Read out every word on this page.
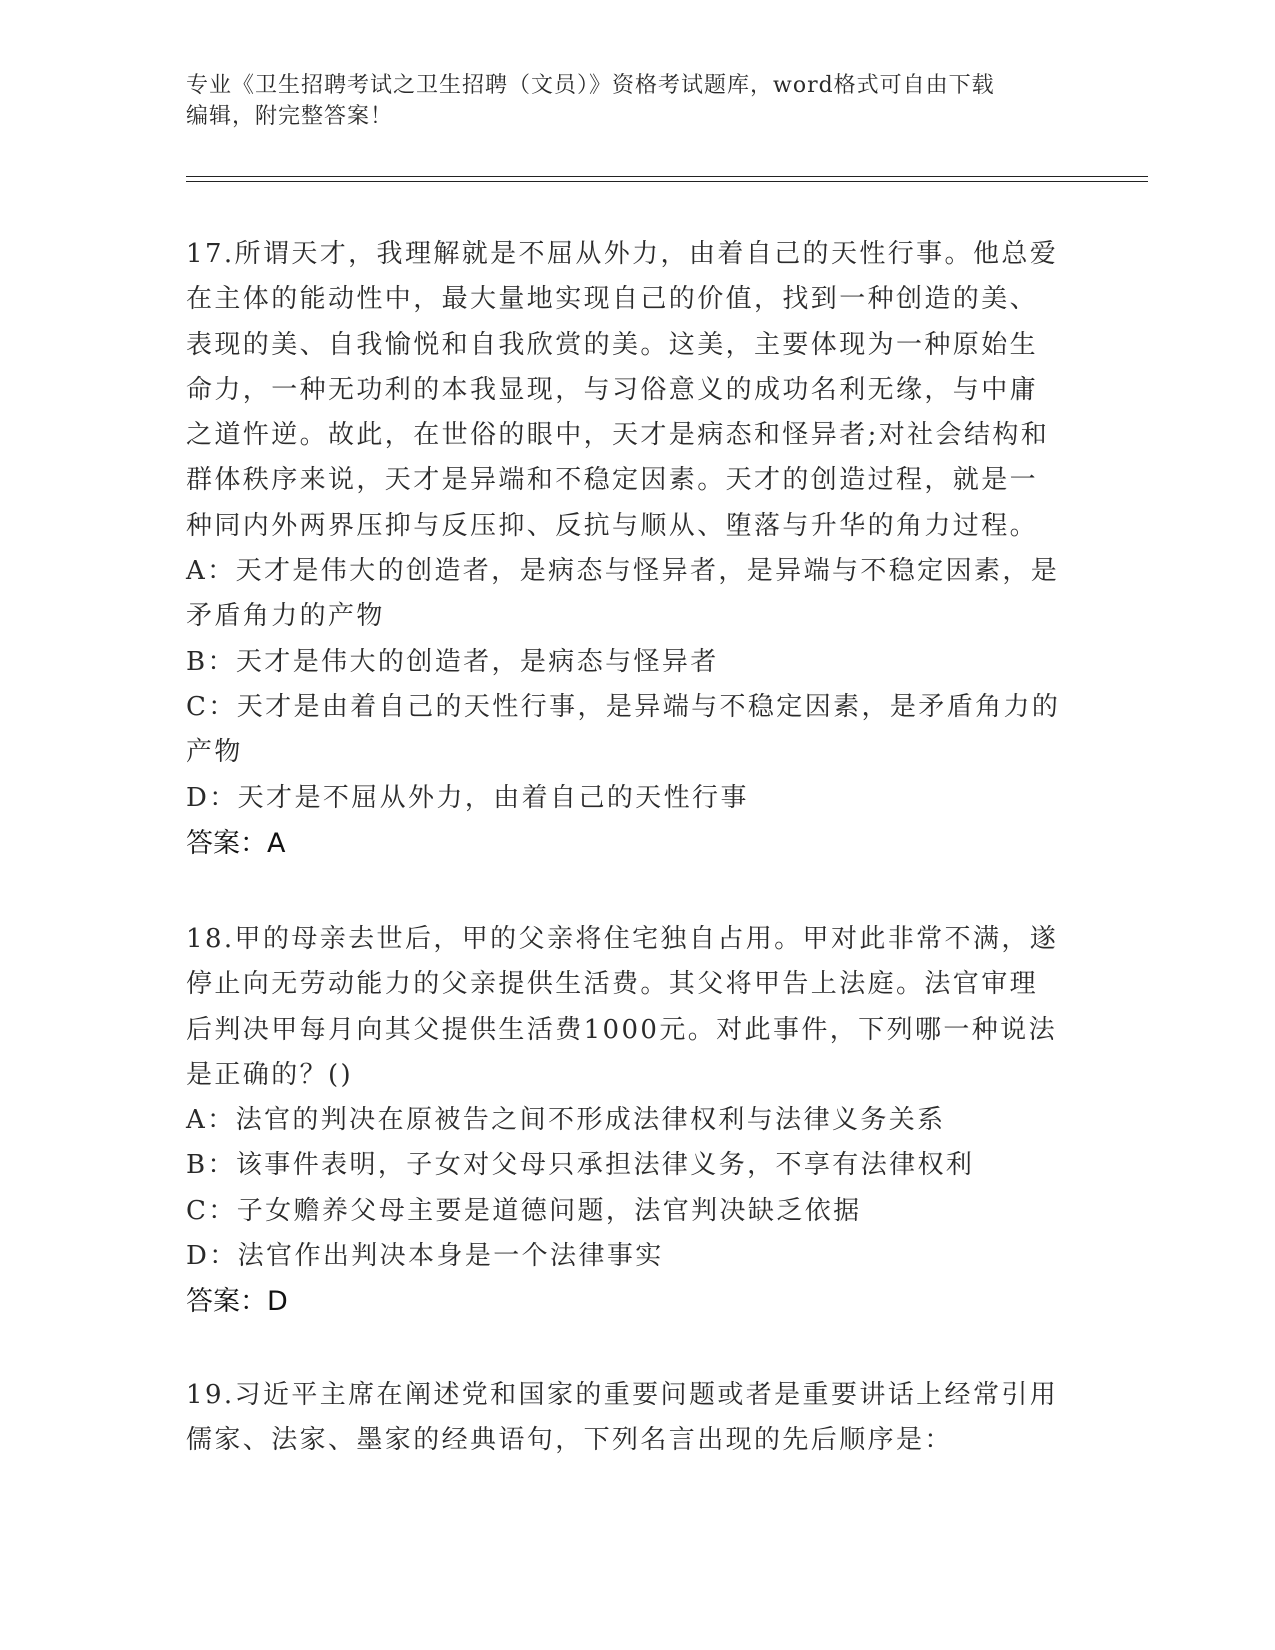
专业《卫生招聘考试之卫生招聘（文员）》资格考试题库，word格式可自由下载
编辑，附完整答案！

17.所谓天才，我理解就是不屈从外力，由着自己的天性行事。他总爱

在主体的能动性中，最大量地实现自己的价值，找到一种创造的美、

表现的美、自我愉悦和自我欣赏的美。这美，主要体现为一种原始生

命力，一种无功利的本我显现，与习俗意义的成功名利无缘，与中庸

之道忤逆。故此，在世俗的眼中，天才是病态和怪异者;对社会结构和

群体秩序来说，天才是异端和不稳定因素。天才的创造过程，就是一

种同内外两界压抑与反压抑、反抗与顺从、堕落与升华的角力过程。

A：天才是伟大的创造者，是病态与怪异者，是异端与不稳定因素，是

矛盾角力的产物

B：天才是伟大的创造者，是病态与怪异者

C：天才是由着自己的天性行事，是异端与不稳定因素，是矛盾角力的

产物

D：天才是不屈从外力，由着自己的天性行事

答案：A

18.甲的母亲去世后，甲的父亲将住宅独自占用。甲对此非常不满，遂

停止向无劳动能力的父亲提供生活费。其父将甲告上法庭。法官审理

后判决甲每月向其父提供生活费1000元。对此事件，下列哪一种说法

是正确的？()

A：法官的判决在原被告之间不形成法律权利与法律义务关系

B：该事件表明，子女对父母只承担法律义务，不享有法律权利

C：子女赡养父母主要是道德问题，法官判决缺乏依据

D：法官作出判决本身是一个法律事实

答案：D

19.习近平主席在阐述党和国家的重要问题或者是重要讲话上经常引用

儒家、法家、墨家的经典语句，下列名言出现的先后顺序是：
